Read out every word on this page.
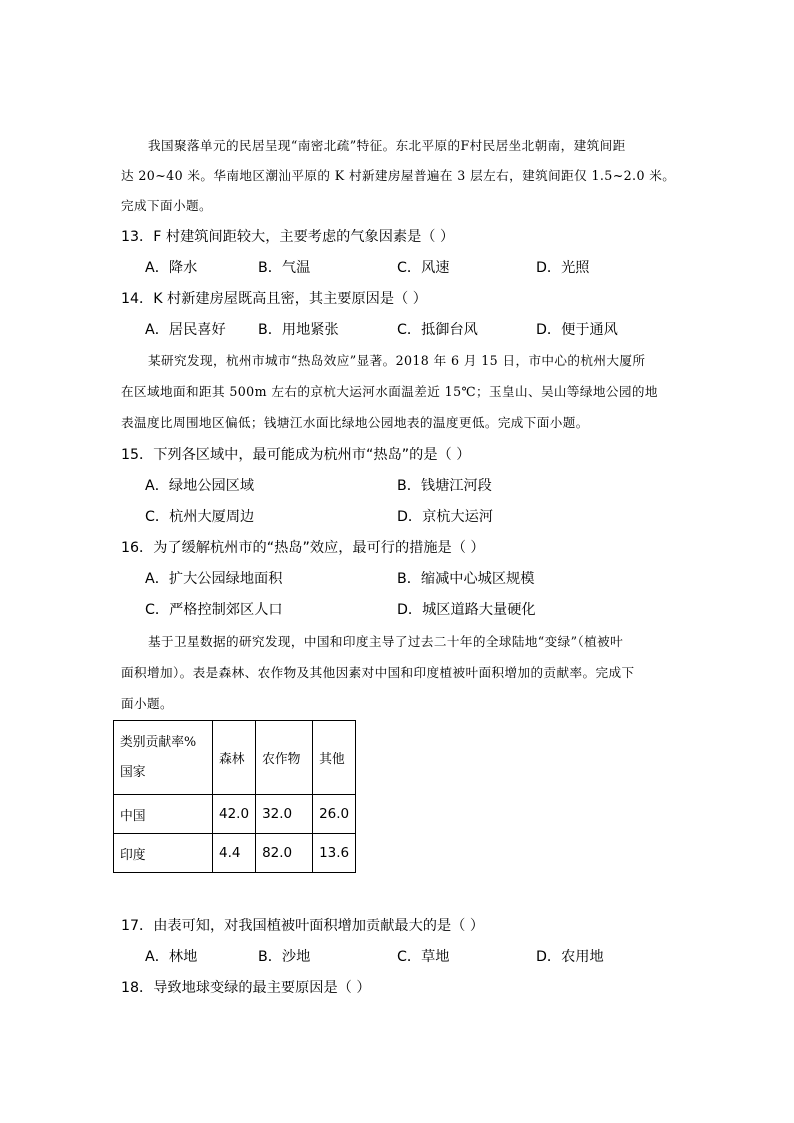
我国聚落单元的民居呈现“南密北疏”特征。东北平原的F村民居坐北朝南，建筑间距
达 20~40 米。华南地区潮汕平原的 K 村新建房屋普遍在 3 层左右，建筑间距仅 1.5~2.0 米。
完成下面小题。
13．F 村建筑间距较大，主要考虑的气象因素是（ ）
A．降水	B．气温	C．风速	D．光照
14．K 村新建房屋既高且密，其主要原因是（ ）
A．居民喜好 B．用地紧张	C．抵御台风	D．便于通风
某研究发现，杭州市城市“热岛效应”显著。2018 年 6 月 15 日，市中心的杭州大厦所
在区域地面和距其 500m 左右的京杭大运河水面温差近 15℃；玉皇山、吴山等绿地公园的地
表温度比周围地区偏低；钱塘江水面比绿地公园地表的温度更低。完成下面小题。
15．下列各区域中，最可能成为杭州市“热岛”的是（ ）
A．绿地公园区域	B．钱塘江河段
C．杭州大厦周边	D．京杭大运河
16．为了缓解杭州市的“热岛”效应，最可行的措施是（ ）
A．扩大公园绿地面积	B．缩减中心城区规模
C．严格控制郊区人口	D．城区道路大量硬化
基于卫星数据的研究发现，中国和印度主导了过去二十年的全球陆地“变绿”（植被叶
面积增加）。表是森林、农作物及其他因素对中国和印度植被叶面积增加的贡献率。完成下
面小题。
类别贡献率%
国家	森林	农作物	其他
中国	42.0	32.0	26.0
印度	4.4	82.0	13.6
17．由表可知，对我国植被叶面积增加贡献最大的是（ ）
A．林地	B．沙地	C．草地	D．农用地
18．导致地球变绿的最主要原因是（ ）
